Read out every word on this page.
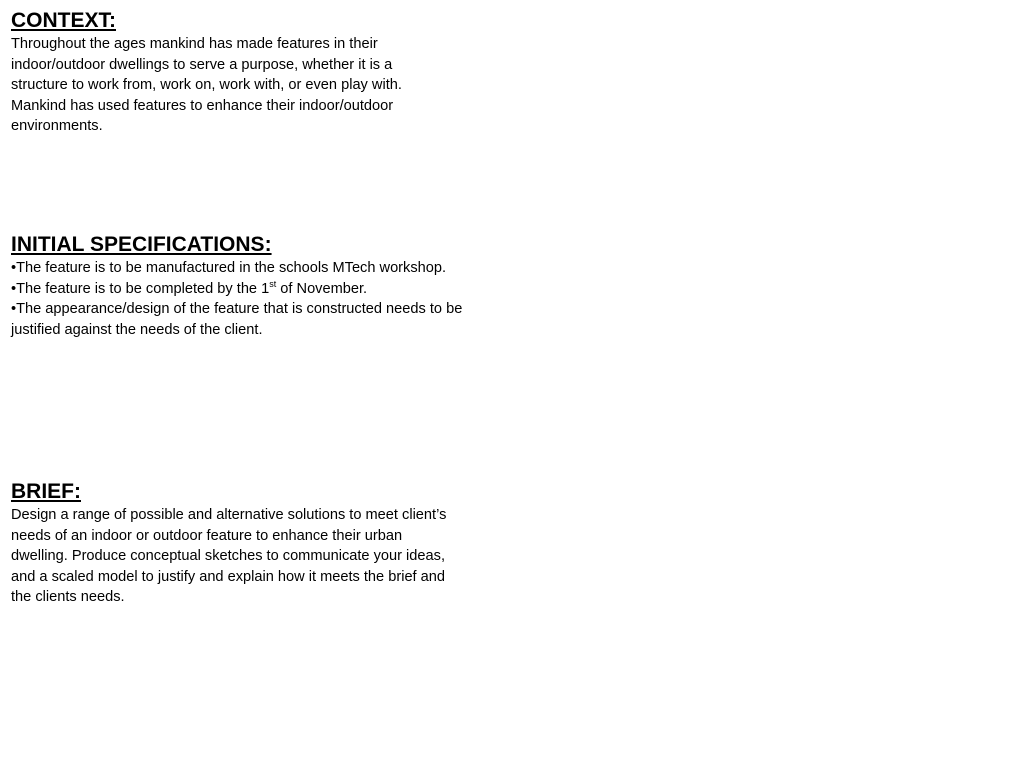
CONTEXT:
Throughout the ages mankind has made features in their
indoor/outdoor dwellings to serve a purpose, whether it is a
structure to work from, work on, work with, or even play with.
Mankind has used features to enhance their indoor/outdoor
environments.
INITIAL SPECIFICATIONS:
•The feature is to be manufactured in the schools MTech workshop.
•The feature is to be completed by the 1st of November.
•The appearance/design of the feature that is constructed needs to be
justified against the needs of the client.
BRIEF:
Design a range of possible and alternative solutions to meet client’s
needs of an indoor or outdoor feature to enhance their urban
dwelling. Produce conceptual sketches to communicate your ideas,
and a scaled model to justify and explain how it meets the brief and
the clients needs.
